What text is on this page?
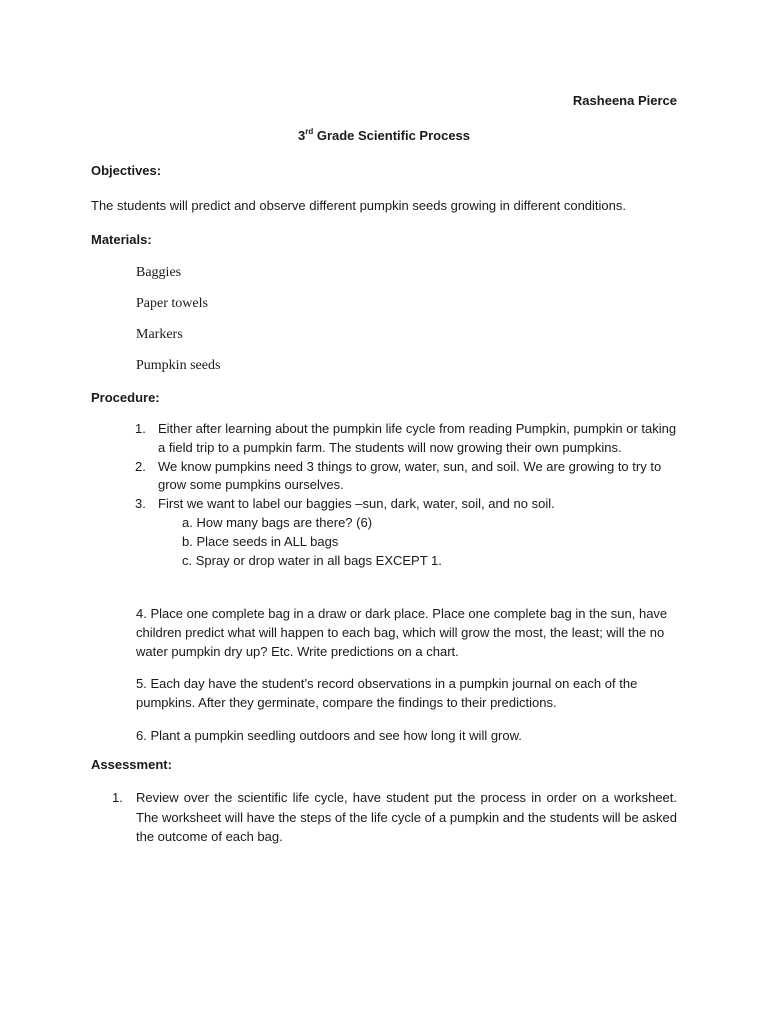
Rasheena Pierce
3rd Grade Scientific Process
Objectives:
The students will predict and observe different pumpkin seeds growing in different conditions.
Materials:
Baggies
Paper towels
Markers
Pumpkin seeds
Procedure:
1. Either after learning about the pumpkin life cycle from reading Pumpkin, pumpkin or taking a field trip to a pumpkin farm. The students will now growing their own pumpkins.
2. We know pumpkins need 3 things to grow, water, sun, and soil. We are growing to try to grow some pumpkins ourselves.
3. First we want to label our baggies –sun, dark, water, soil, and no soil.
a. How many bags are there? (6)
b. Place seeds in ALL bags
c. Spray or drop water in all bags EXCEPT 1.
4. Place one complete bag in a draw or dark place. Place one complete bag in the sun, have children predict what will happen to each bag, which will grow the most, the least; will the no water pumpkin dry up? Etc. Write predictions on a chart.
5. Each day have the student’s record observations in a pumpkin journal on each of the pumpkins. After they germinate, compare the findings to their predictions.
6. Plant a pumpkin seedling outdoors and see how long it will grow.
Assessment:
1. Review over the scientific life cycle, have student put the process in order on a worksheet. The worksheet will have the steps of the life cycle of a pumpkin and the students will be asked the outcome of each bag.
